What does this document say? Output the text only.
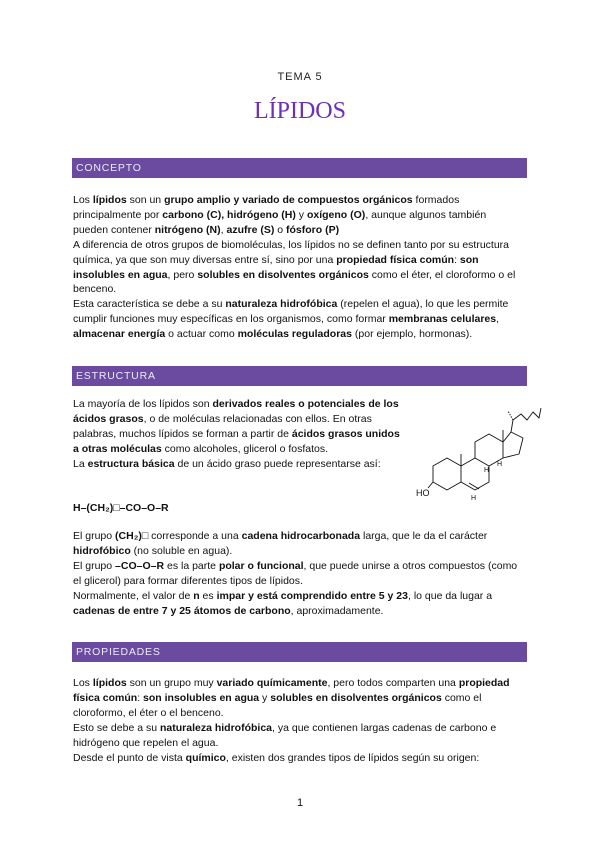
TEMA 5
LÍPIDOS
CONCEPTO

Los lípidos son un grupo amplio y variado de compuestos orgánicos formados principalmente por carbono (C), hidrógeno (H) y oxígeno (O), aunque algunos también pueden contener nitrógeno (N), azufre (S) o fósforo (P)

A diferencia de otros grupos de biomoléculas, los lípidos no se definen tanto por su estructura química, ya que son muy diversas entre sí, sino por una propiedad física común: son insolubles en agua, pero solubles en disolventes orgánicos como el éter, el cloroformo o el benceno.

Esta característica se debe a su naturaleza hidrofóbica (repelen el agua), lo que les permite cumplir funciones muy específicas en los organismos, como formar membranas celulares, almacenar energía o actuar como moléculas reguladoras (por ejemplo, hormonas).

ESTRUCTURA

La mayoría de los lípidos son derivados reales o potenciales de los ácidos grasos, o de moléculas relacionadas con ellos. En otras palabras, muchos lípidos se forman a partir de ácidos grasos unidos a otras moléculas como alcoholes, glicerol o fosfatos.

La estructura básica de un ácido graso puede representarse así:

H–(CH₂)□–CO–O–R

El grupo (CH₂)□ corresponde a una cadena hidrocarbonada larga, que le da el carácter hidrofóbico (no soluble en agua).

El grupo –CO–O–R es la parte polar o funcional, que puede unirse a otros compuestos (como el glicerol) para formar diferentes tipos de lípidos.

Normalmente, el valor de n es impar y está comprendido entre 5 y 23, lo que da lugar a cadenas de entre 7 y 25 átomos de carbono, aproximadamente.

H
H
H
HO
PROPIEDADES

Los lípidos son un grupo muy variado químicamente, pero todos comparten una propiedad física común: son insolubles en agua y solubles en disolventes orgánicos como el cloroformo, el éter o el benceno.

Esto se debe a su naturaleza hidrofóbica, ya que contienen largas cadenas de carbono e hidrógeno que repelen el agua.

Desde el punto de vista químico, existen dos grandes tipos de lípidos según su origen:

1
